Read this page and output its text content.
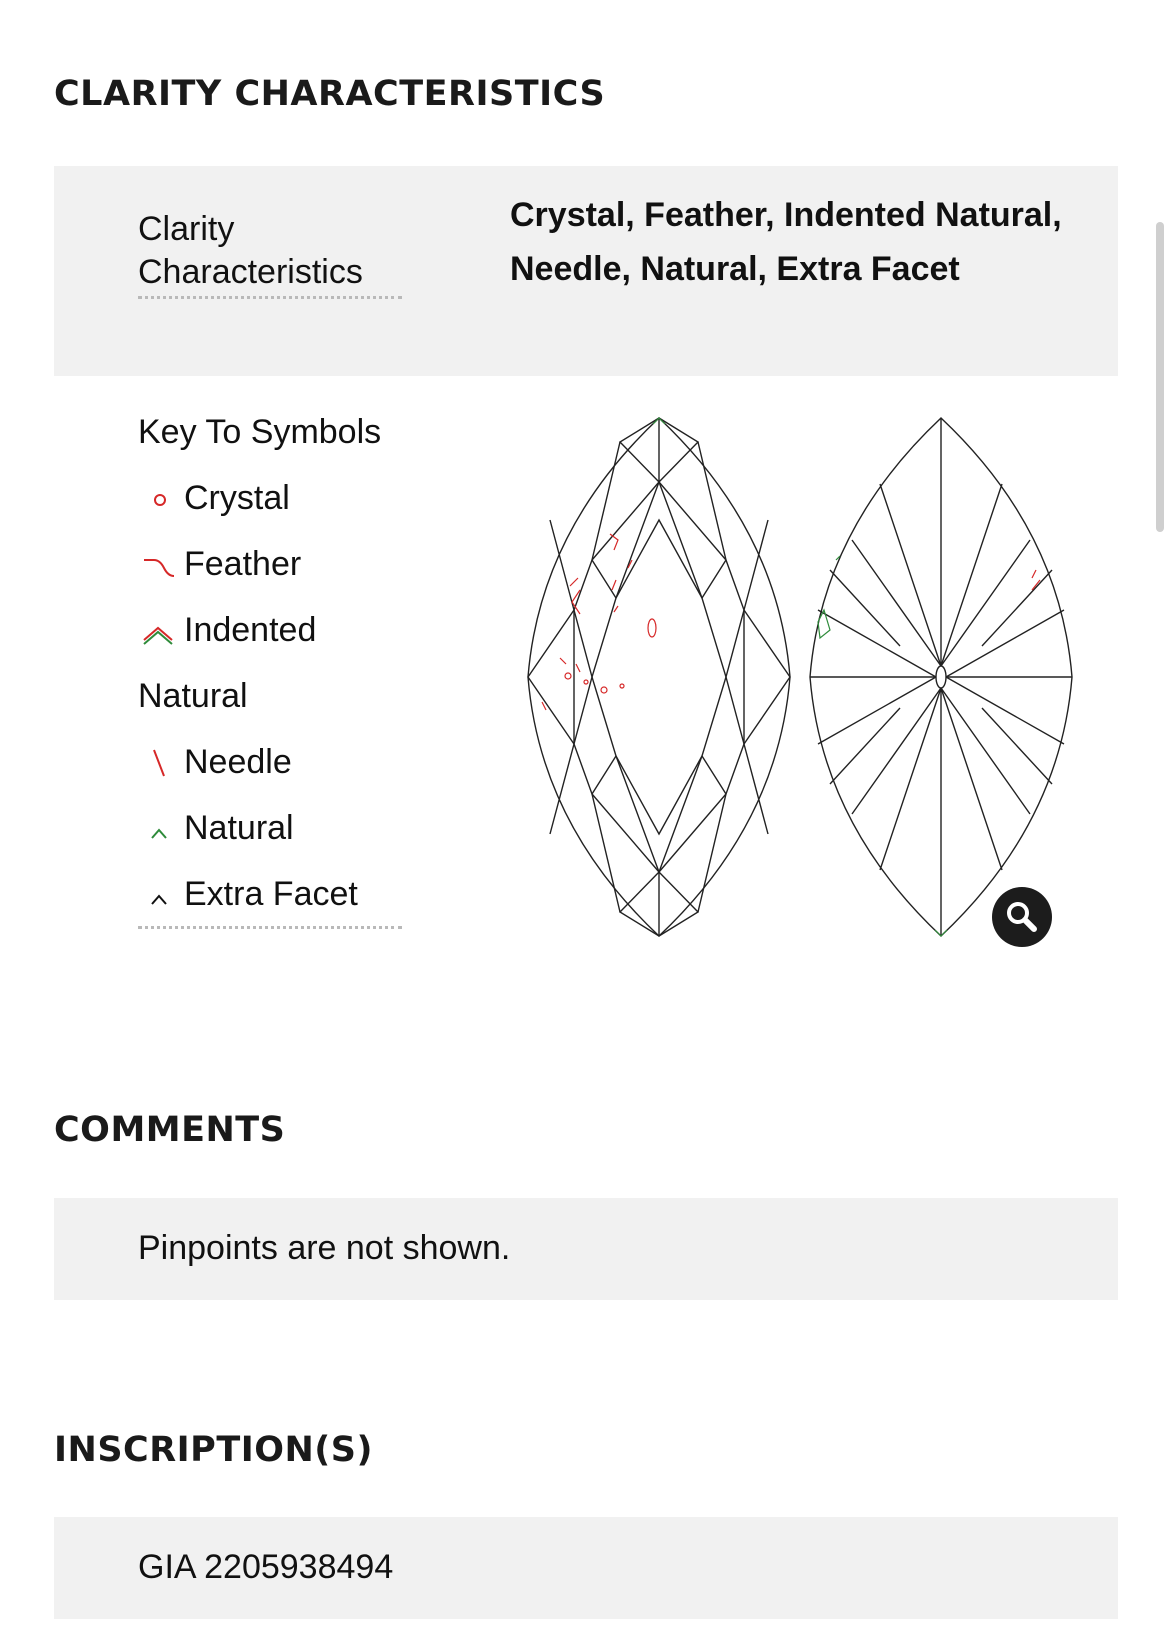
CLARITY CHARACTERISTICS
Clarity
Characteristics
Crystal, Feather, Indented Natural, Needle, Natural, Extra Facet
Key To Symbols
Crystal
Feather
Indented
Natural
Needle
Natural
Extra Facet
COMMENTS
Pinpoints are not shown.
INSCRIPTION(S)
GIA 2205938494
